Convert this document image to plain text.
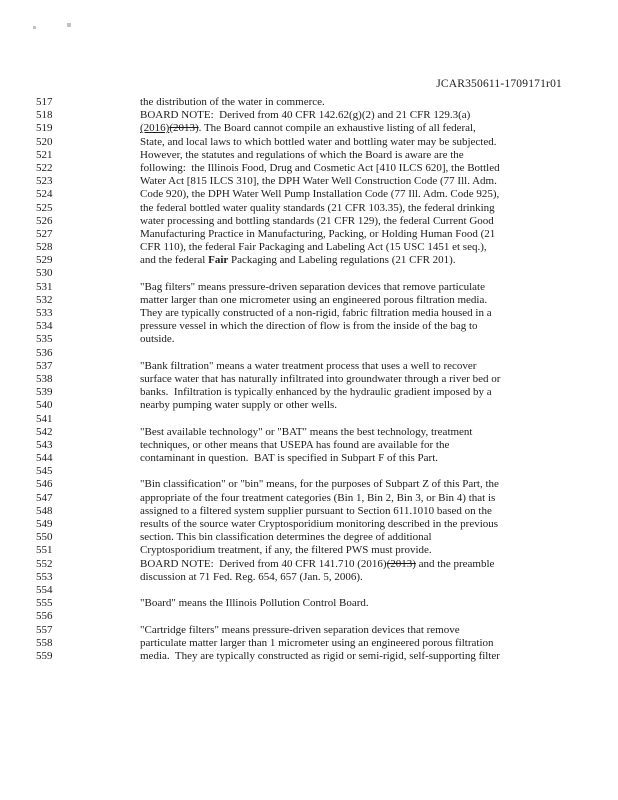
JCAR350611-1709171r01
517	the distribution of the water in commerce.
518	BOARD NOTE:  Derived from 40 CFR 142.62(g)(2) and 21 CFR 129.3(a)
519	(2016)(2013). The Board cannot compile an exhaustive listing of all federal,
520	State, and local laws to which bottled water and bottling water may be subjected.
521	However, the statutes and regulations of which the Board is aware are the
522	following:  the Illinois Food, Drug and Cosmetic Act [410 ILCS 620], the Bottled
523	Water Act [815 ILCS 310], the DPH Water Well Construction Code (77 Ill. Adm.
524	Code 920), the DPH Water Well Pump Installation Code (77 Ill. Adm. Code 925),
525	the federal bottled water quality standards (21 CFR 103.35), the federal drinking
526	water processing and bottling standards (21 CFR 129), the federal Current Good
527	Manufacturing Practice in Manufacturing, Packing, or Holding Human Food (21
528	CFR 110), the federal Fair Packaging and Labeling Act (15 USC 1451 et seq.),
529	and the federal Fair Packaging and Labeling regulations (21 CFR 201).
530
531	"Bag filters" means pressure-driven separation devices that remove particulate
532	matter larger than one micrometer using an engineered porous filtration media.
533	They are typically constructed of a non-rigid, fabric filtration media housed in a
534	pressure vessel in which the direction of flow is from the inside of the bag to
535	outside.
536
537	"Bank filtration" means a water treatment process that uses a well to recover
538	surface water that has naturally infiltrated into groundwater through a river bed or
539	banks.  Infiltration is typically enhanced by the hydraulic gradient imposed by a
540	nearby pumping water supply or other wells.
541
542	"Best available technology" or "BAT" means the best technology, treatment
543	techniques, or other means that USEPA has found are available for the
544	contaminant in question.  BAT is specified in Subpart F of this Part.
545
546	"Bin classification" or "bin" means, for the purposes of Subpart Z of this Part, the
547	appropriate of the four treatment categories (Bin 1, Bin 2, Bin 3, or Bin 4) that is
548	assigned to a filtered system supplier pursuant to Section 611.1010 based on the
549	results of the source water Cryptosporidium monitoring described in the previous
550	section. This bin classification determines the degree of additional
551	Cryptosporidium treatment, if any, the filtered PWS must provide.
552	BOARD NOTE:  Derived from 40 CFR 141.710 (2016)(2013) and the preamble
553	discussion at 71 Fed. Reg. 654, 657 (Jan. 5, 2006).
554
555	"Board" means the Illinois Pollution Control Board.
556
557	"Cartridge filters" means pressure-driven separation devices that remove
558	particulate matter larger than 1 micrometer using an engineered porous filtration
559	media.  They are typically constructed as rigid or semi-rigid, self-supporting filter
